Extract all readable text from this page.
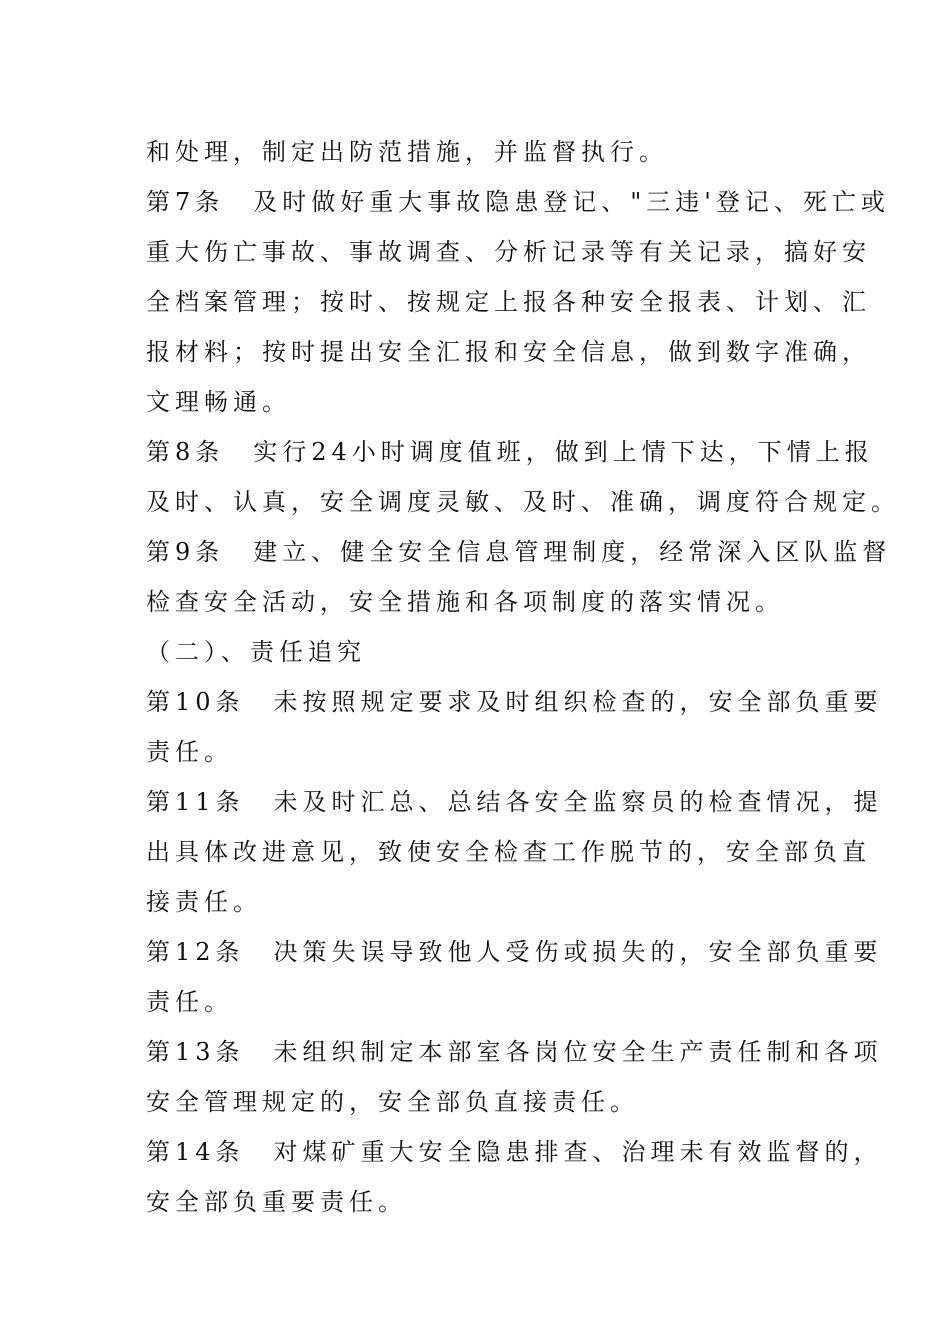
和处理，制定出防范措施，并监督执行。
第7条　及时做好重大事故隐患登记、"三违'登记、死亡或
重大伤亡事故、事故调查、分析记录等有关记录，搞好安
全档案管理；按时、按规定上报各种安全报表、计划、汇
报材料；按时提出安全汇报和安全信息，做到数字准确，
文理畅通。
第8条　实行24小时调度值班，做到上情下达，下情上报
及时、认真，安全调度灵敏、及时、准确，调度符合规定。
第9条　建立、健全安全信息管理制度，经常深入区队监督
检查安全活动，安全措施和各项制度的落实情况。
（二）、责任追究
第10条　未按照规定要求及时组织检查的，安全部负重要
责任。
第11条　未及时汇总、总结各安全监察员的检查情况，提
出具体改进意见，致使安全检查工作脱节的，安全部负直
接责任。
第12条　决策失误导致他人受伤或损失的，安全部负重要
责任。
第13条　未组织制定本部室各岗位安全生产责任制和各项
安全管理规定的，安全部负直接责任。
第14条　对煤矿重大安全隐患排查、治理未有效监督的，
安全部负重要责任。
